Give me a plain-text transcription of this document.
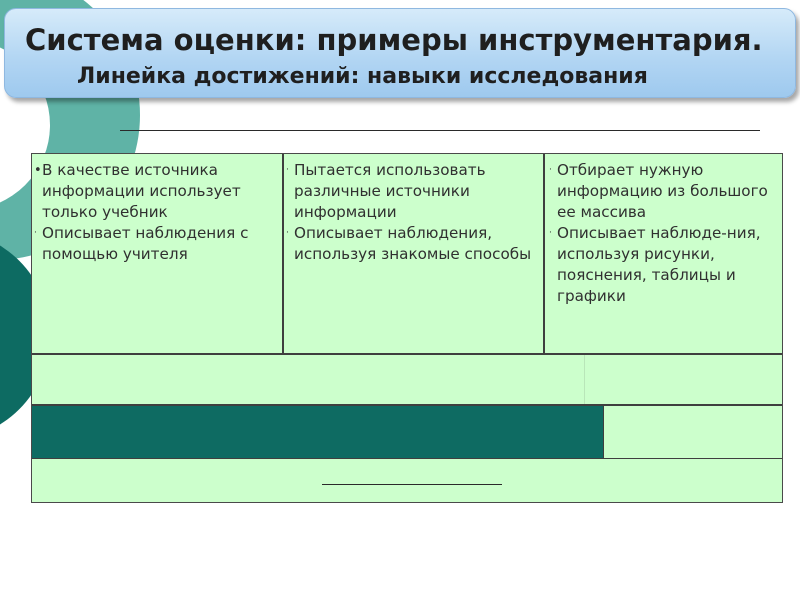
Система оценки: примеры инструментария.
Линейка достижений: навыки исследования
• В качестве источника информации использует только учебник
· Описывает наблюдения с помощью учителя
· Пытается использовать различные источники информации
· Описывает наблюдения, используя знакомые способы
· Отбирает нужную информацию из большого ее массива
· Описывает наблюде-ния, используя рисунки, пояснения, таблицы и графики
